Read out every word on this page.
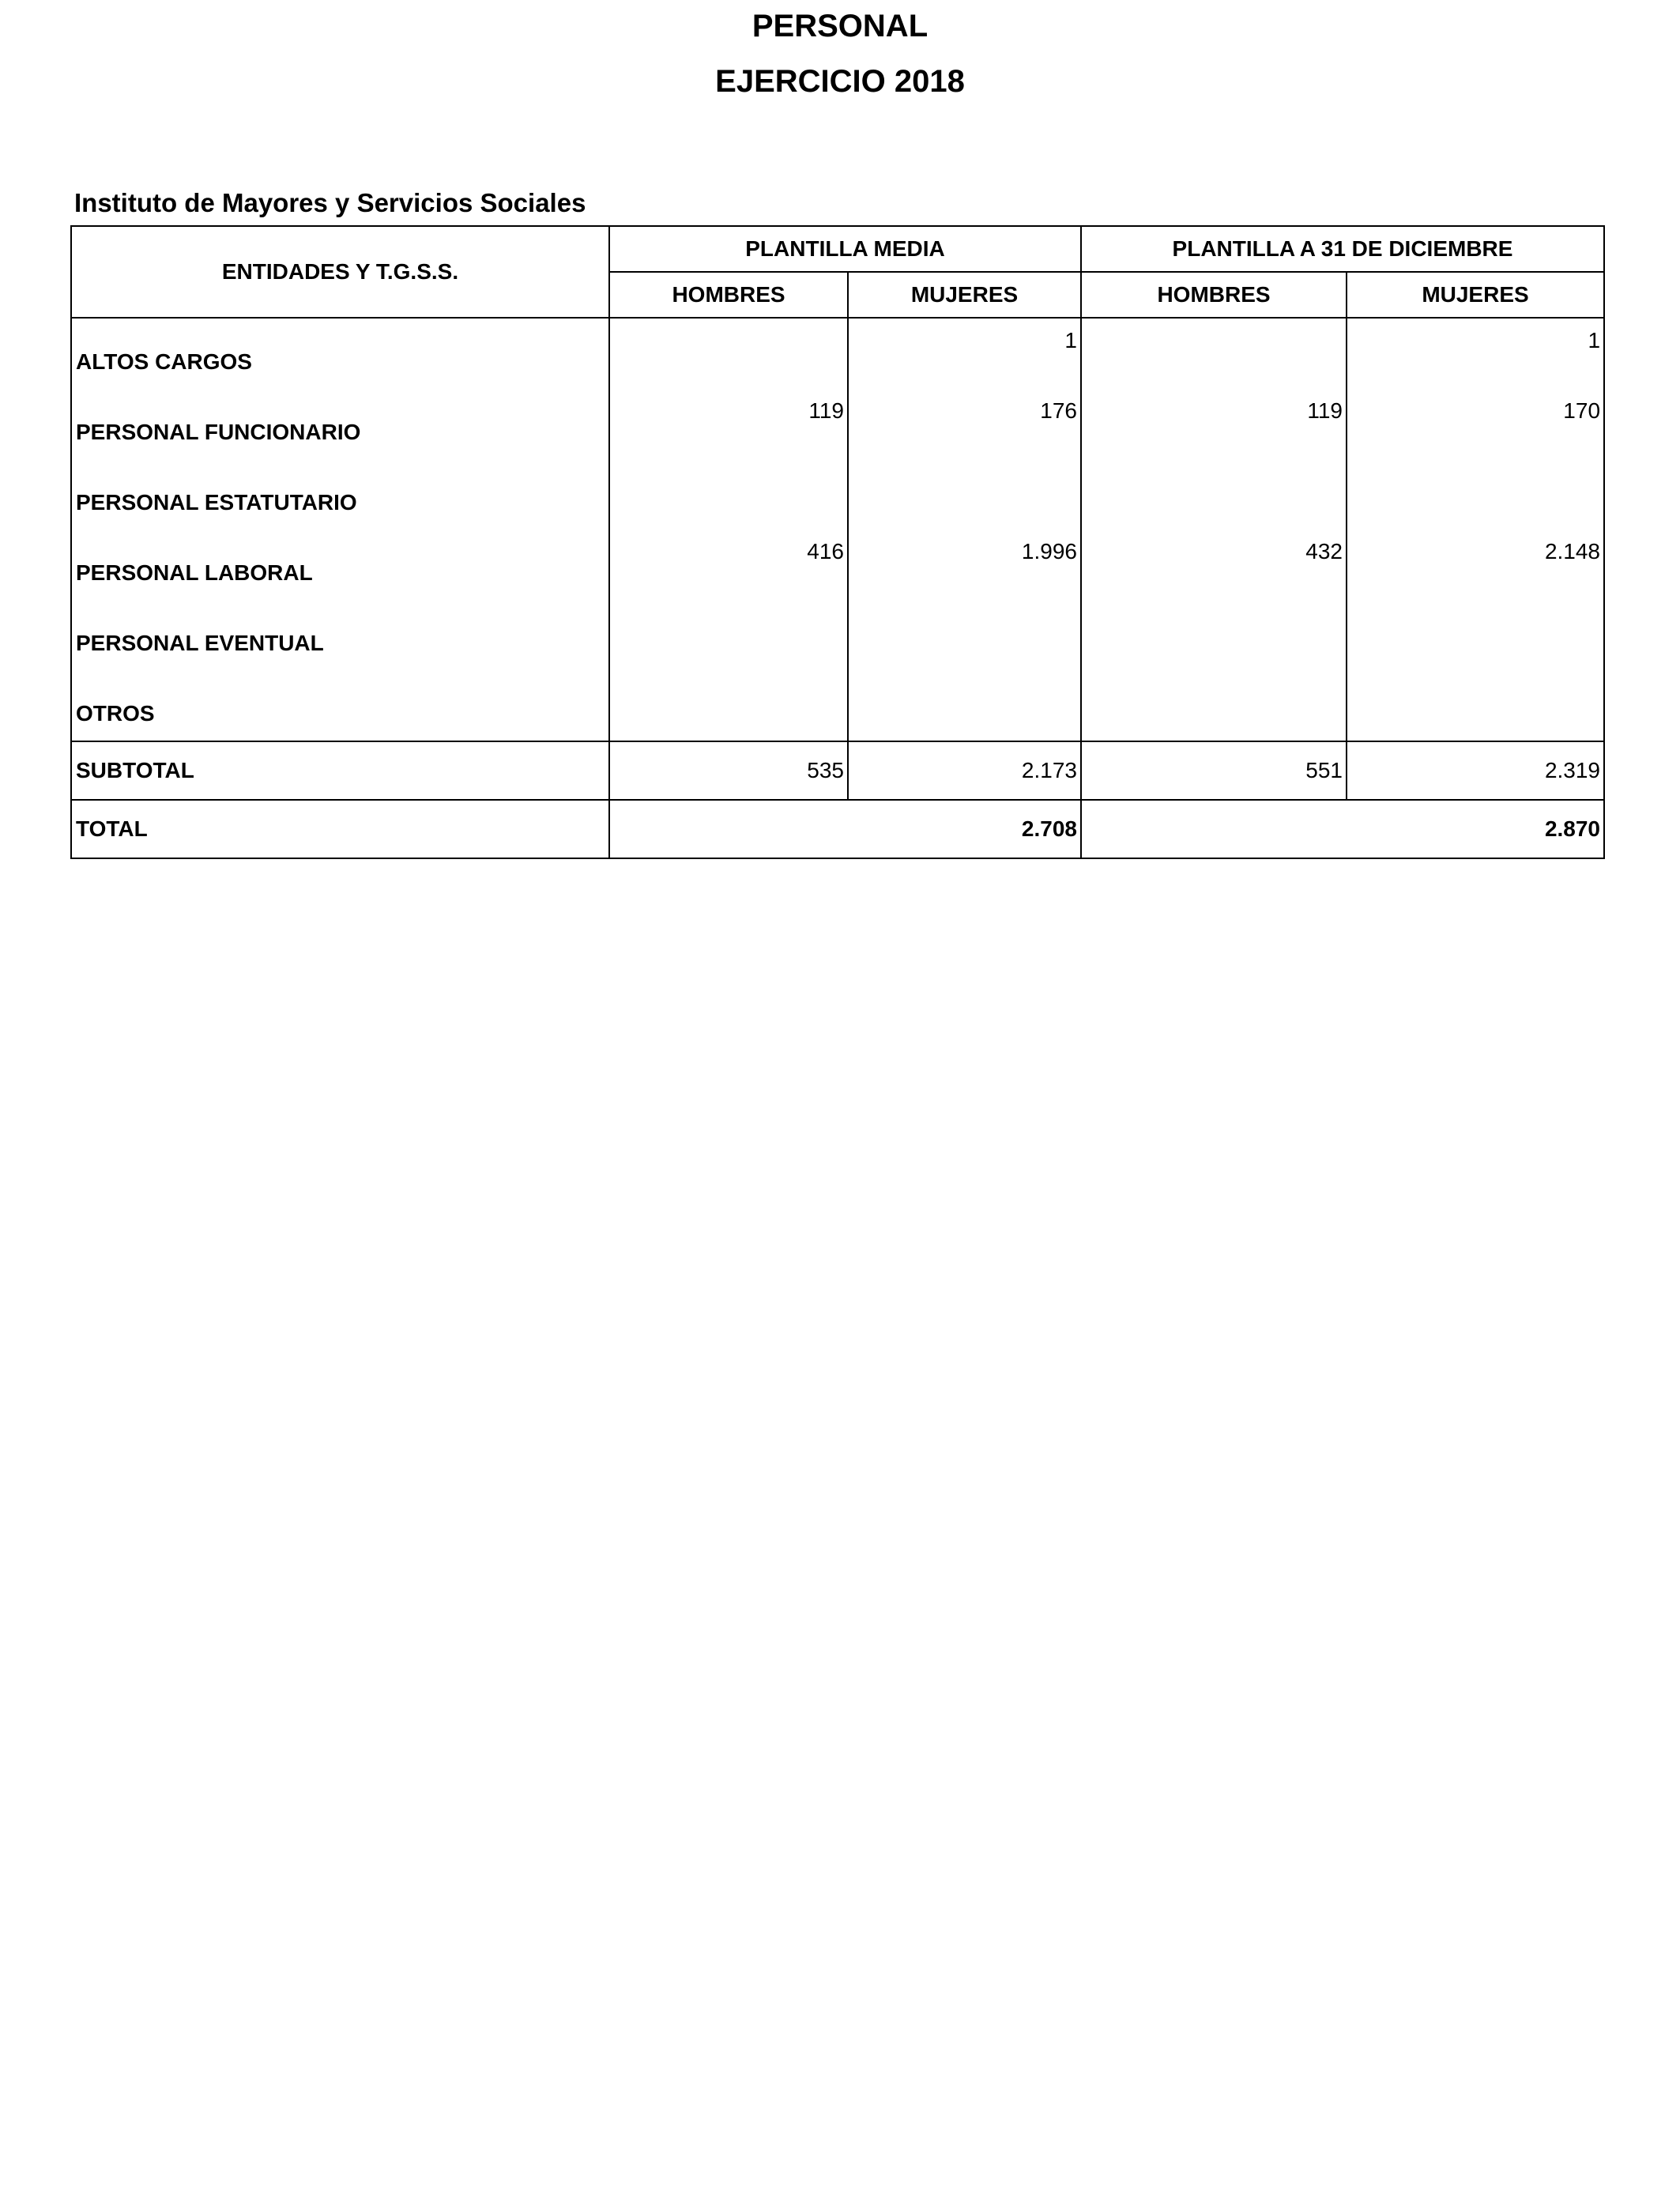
PERSONAL
EJERCICIO 2018
Instituto de Mayores y Servicios Sociales
ENTIDADES Y T.G.S.S.	PLANTILLA MEDIA		PLANTILLA A 31 DE DICIEMBRE	
	HOMBRES	MUJERES	HOMBRES	MUJERES
ALTOS CARGOS		1		1
PERSONAL FUNCIONARIO	119	176	119	170
PERSONAL ESTATUTARIO				
PERSONAL LABORAL	416	1.996	432	2.148
PERSONAL EVENTUAL				
OTROS				
SUBTOTAL	535	2.173	551	2.319
TOTAL	2.708		2.870	
